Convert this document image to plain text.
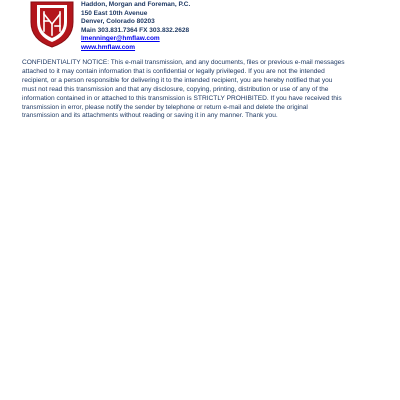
Haddon, Morgan and Foreman, P.C.
150 East 10th Avenue
Denver, Colorado 80203
Main 303.831.7364 FX 303.832.2628
lmenninger@hmflaw.com
www.hmflaw.com
CONFIDENTIALITY NOTICE: This e-mail transmission, and any documents, files or previous e-mail messages
attached to it may contain information that is confidential or legally privileged. If you are not the intended
recipient, or a person responsible for delivering it to the intended recipient, you are hereby notified that you
must not read this transmission and that any disclosure, copying, printing, distribution or use of any of the
information contained in or attached to this transmission is STRICTLY PROHIBITED. If you have received this
transmission in error, please notify the sender by telephone or return e-mail and delete the original
transmission and its attachments without reading or saving it in any manner. Thank you.
